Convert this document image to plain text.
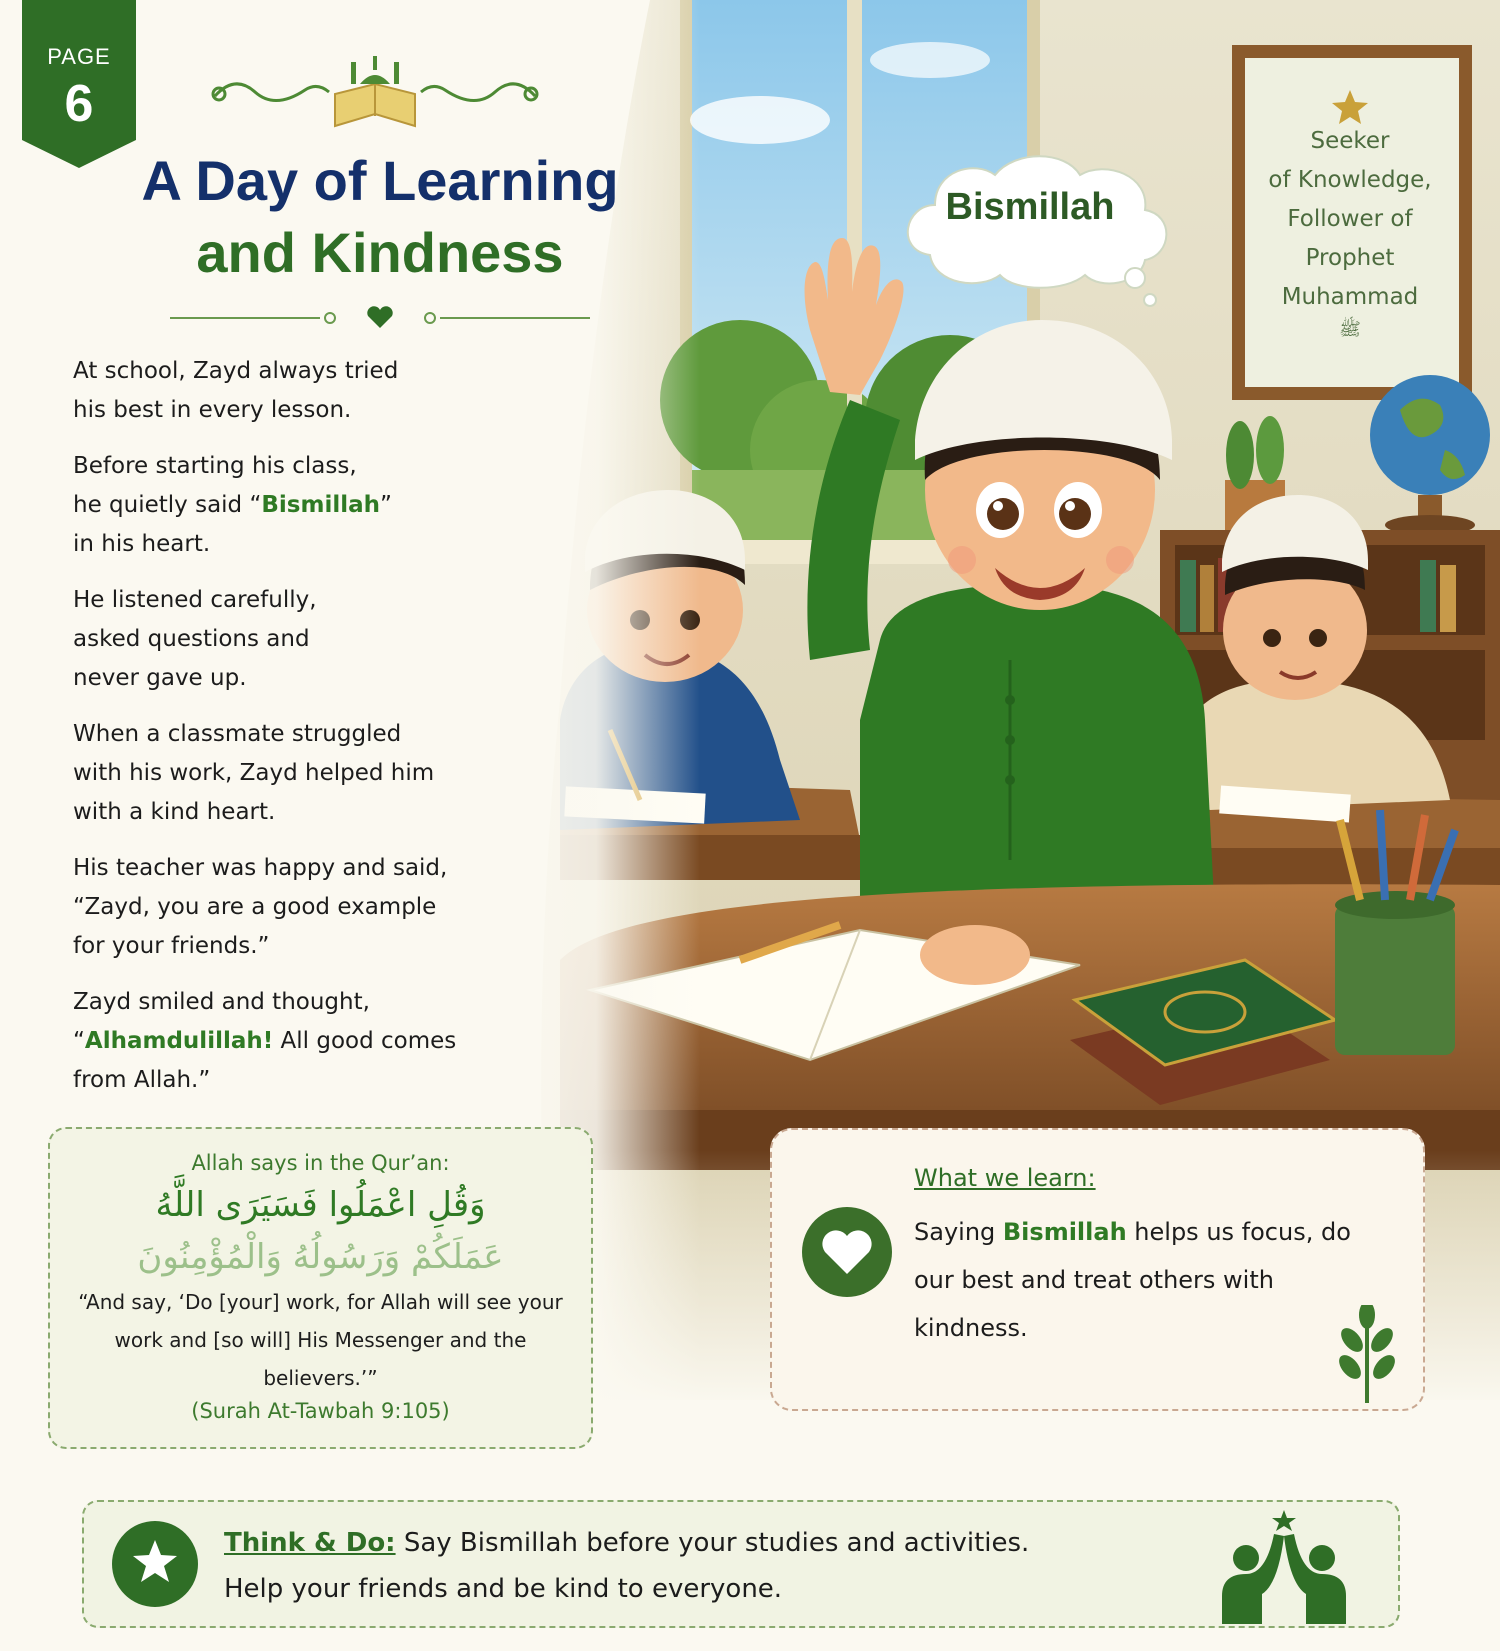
PAGE
6
A Day of Learning
and Kindness

At school, Zayd always tried
his best in every lesson.

Before starting his class,
he quietly said “Bismillah”
in his heart.

He listened carefully,
asked questions and
never gave up.

When a classmate struggled
with his work, Zayd helped him
with a kind heart.

His teacher was happy and said,
“Zayd, you are a good example
for your friends.”

Zayd smiled and thought,
“Alhamdulillah! All good comes
from Allah.”

Allah says in the Qur’an:
وَقُلِ اعْمَلُوا فَسَيَرَى اللَّهُ
عَمَلَكُمْ وَرَسُولُهُ وَالْمُؤْمِنُونَ
“And say, ‘Do [your] work, for Allah will see your work and [so will] His Messenger and the believers.’”
(Surah At-Tawbah 9:105)
What we learn:
Saying Bismillah helps us focus, do our best and treat others with kindness.
Think & Do: Say Bismillah before your studies and activities.
Help your friends and be kind to everyone.
Bismillah
Seeker
of Knowledge,
Follower of
Prophet
Muhammad
ﷺ
